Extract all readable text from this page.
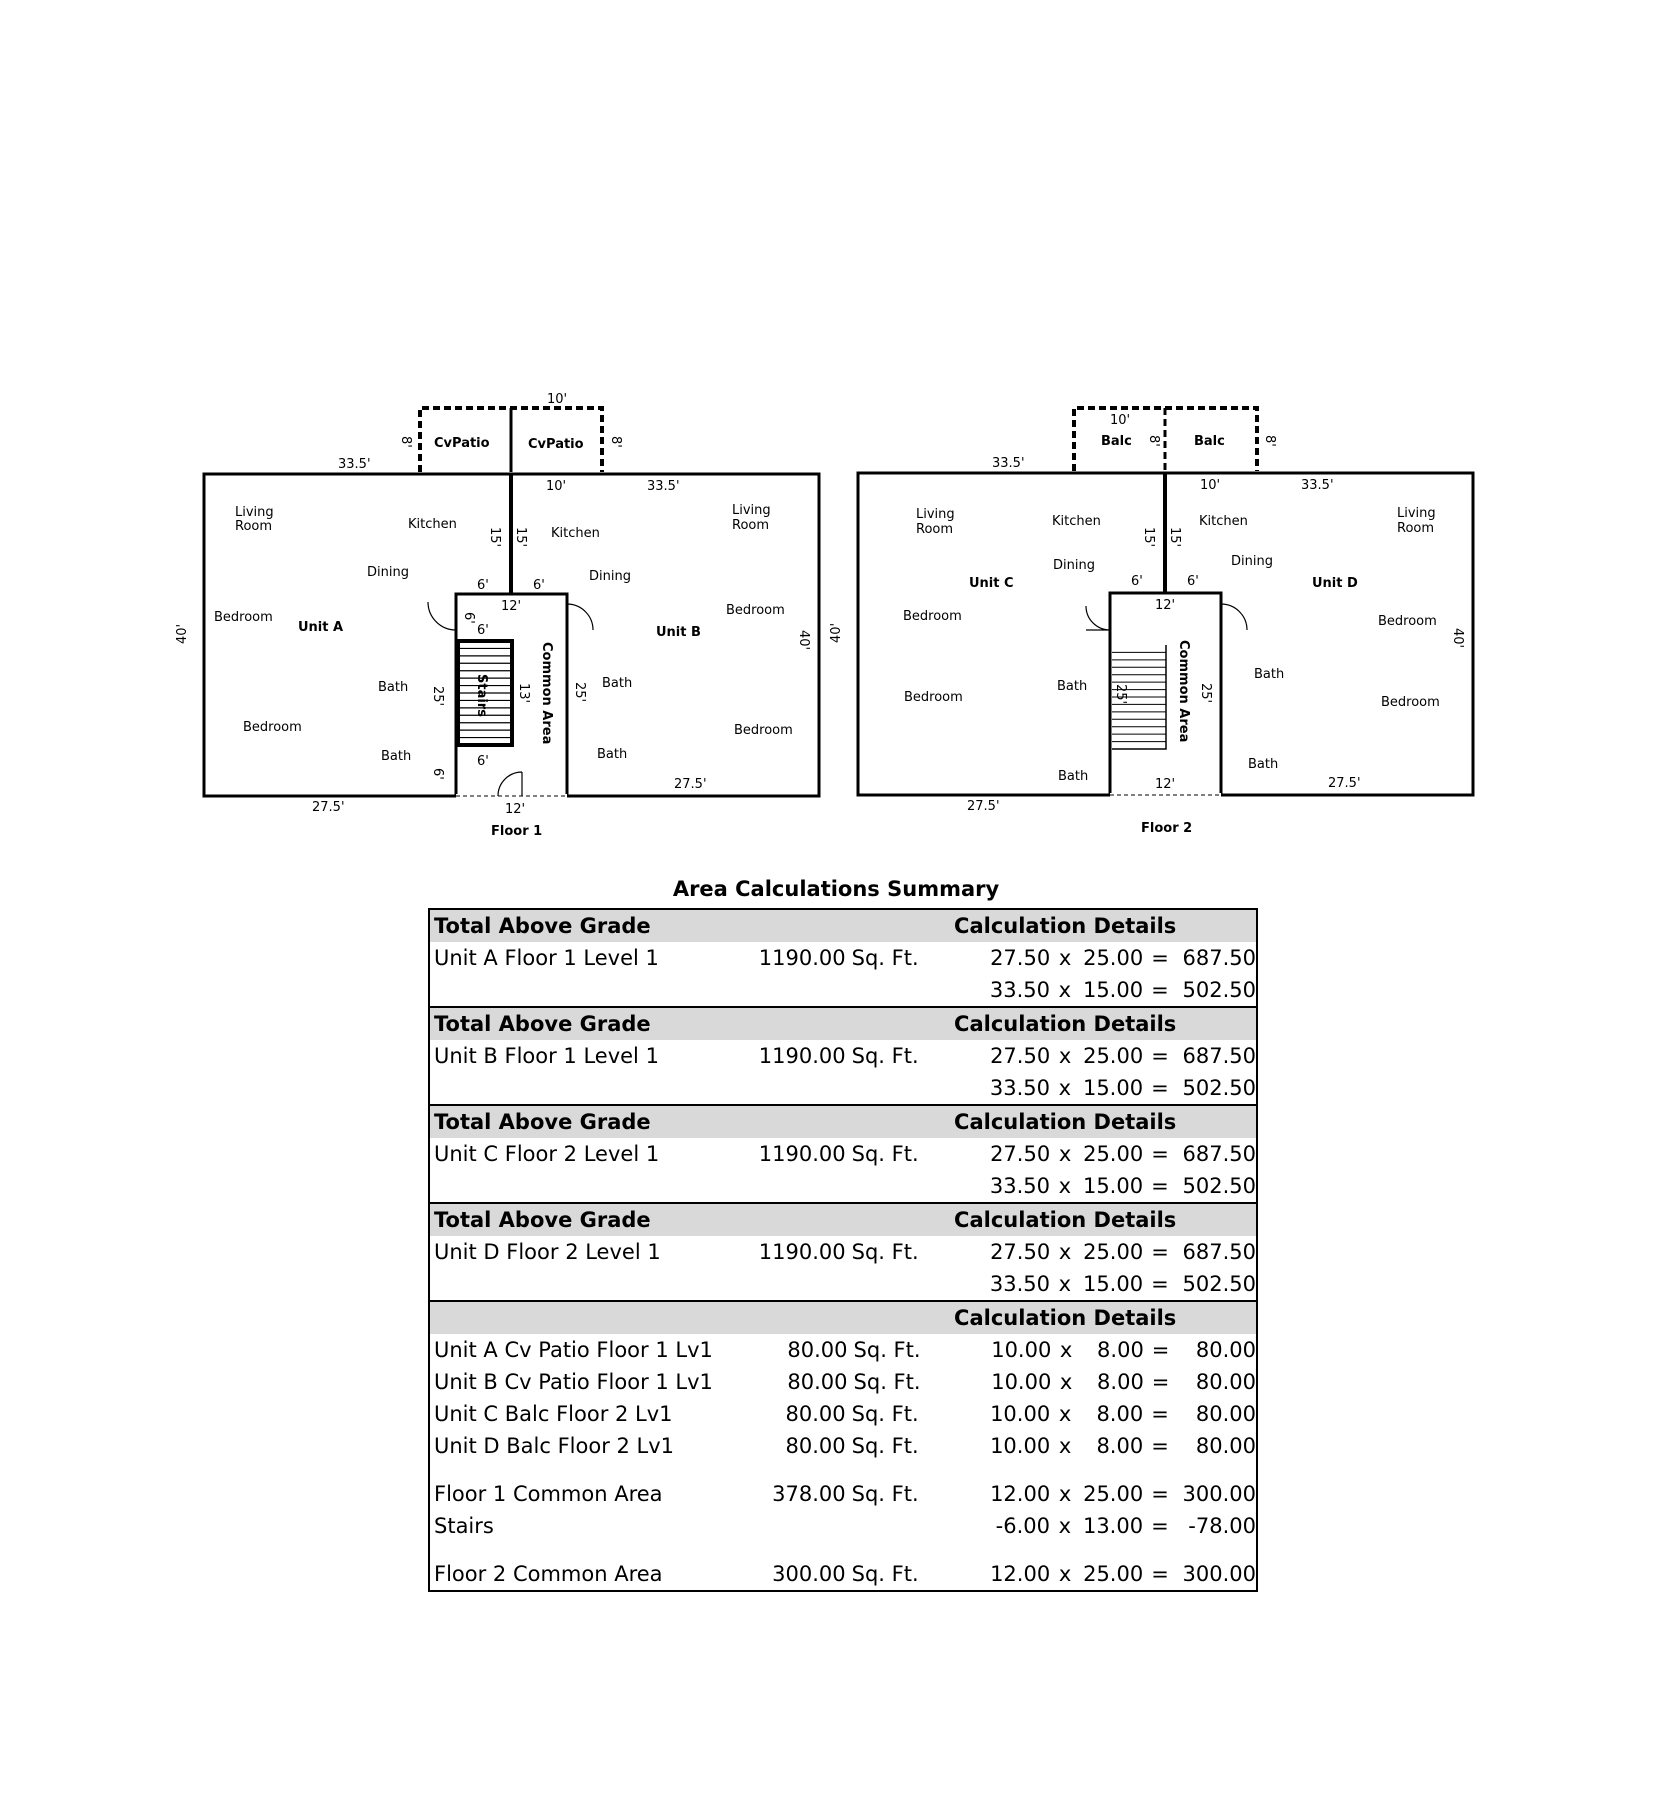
Living
Room	Kitchen
Dining
Bedroom
Bedroom
Bath
Bath
Unit A
Kitchen
Living
Room
Dining
Bedroom
Bath
Bath
Bedroom
Unit B
CvPatio	CvPatio
Common Area
Stairs
10'
8'	8'
33.5'
10'	33.5'
15' 15'
6'	6'
12'
40'	40'
6'
6'
25'	13'	25'
6'
6'
27.5'
27.5'
12'
Floor 1
Living
Room
Kitchen
Dining
Bedroom
Bedroom
Bath
Bath
Unit C
Kitchen
Living
Room
Dining
Bedroom
Bath
Bedroom
Bath
Unit D
Balc	Balc
Common Area
10'
8'	8'
33.5'
10'	33.5'
15' 15'
6'	6'
12'
40'	40'
25'	25'
27.5'
27.5'
12'
Floor 2
Area Calculations Summary
Total Above Grade	Calculation Details
Unit A Floor 1 Level 1	1190.00 Sq. Ft.	27.50 x 25.00 = 687.50
33.50 x 15.00 = 502.50
Total Above Grade	Calculation Details
Unit B Floor 1 Level 1	1190.00 Sq. Ft.	27.50 x 25.00 = 687.50
33.50 x 15.00 = 502.50
Total Above Grade	Calculation Details
Unit C Floor 2 Level 1	1190.00 Sq. Ft.	27.50 x 25.00 = 687.50
33.50 x 15.00 = 502.50
Total Above Grade	Calculation Details
Unit D Floor 2 Level 1	1190.00 Sq. Ft.	27.50 x 25.00 = 687.50
33.50 x 15.00 = 502.50
Calculation Details
Unit A Cv Patio Floor 1 Lv1	80.00 Sq. Ft.	10.00 x	8.00 =	80.00
Unit B Cv Patio Floor 1 Lv1	80.00 Sq. Ft.	10.00 x	8.00 =	80.00
Unit C Balc Floor 2 Lv1	80.00 Sq. Ft.	10.00 x	8.00 =	80.00
Unit D Balc Floor 2 Lv1	80.00 Sq. Ft.	10.00 x	8.00 =	80.00
Floor 1 Common Area	378.00 Sq. Ft.	12.00 x 25.00 = 300.00
Stairs	-6.00 x 13.00 = -78.00
Floor 2 Common Area	300.00 Sq. Ft.	12.00 x 25.00 = 300.00
